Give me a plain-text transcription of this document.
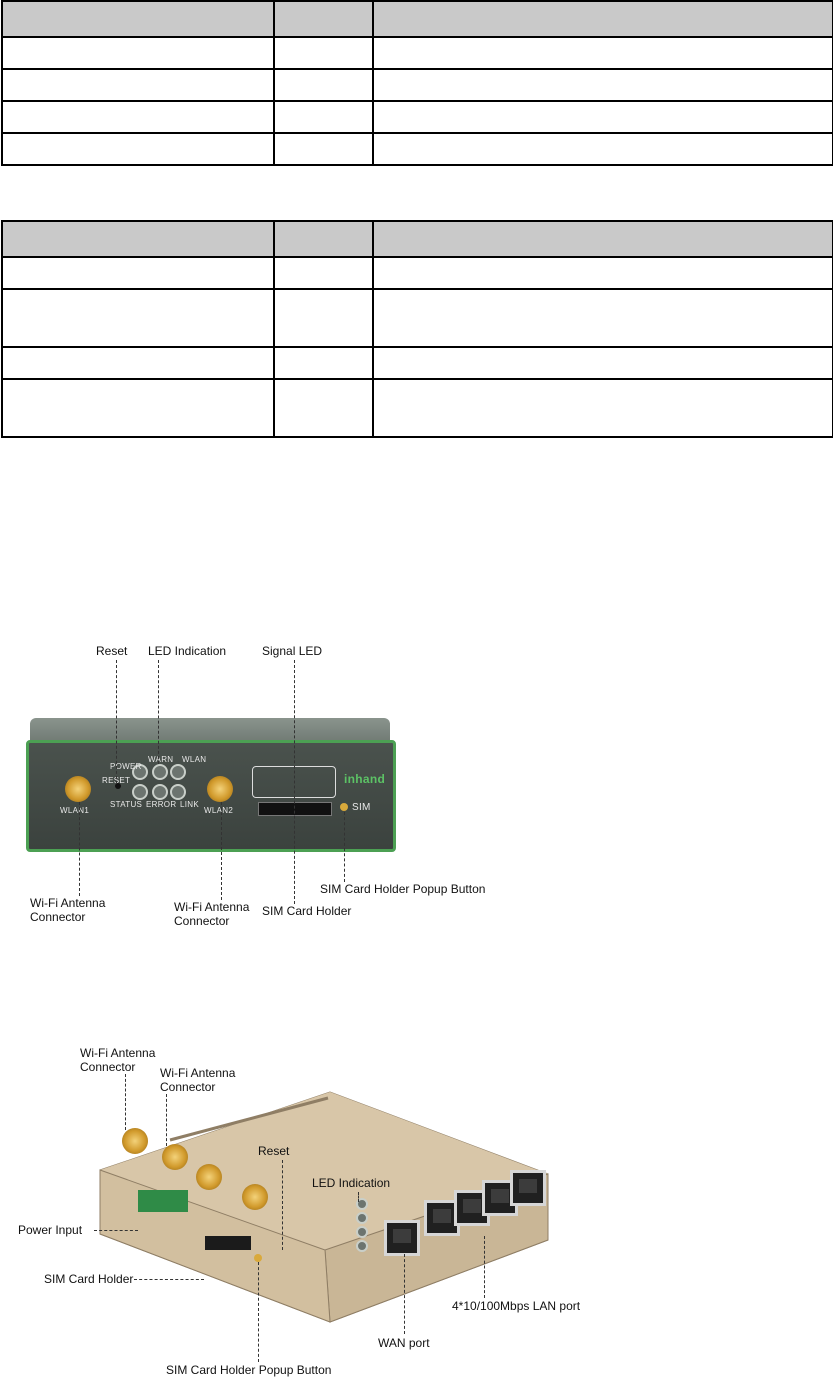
POWER
WARN WLAN
RESET
STATUS ERROR LINK
WLAN1	WLAN2	SIM
inhand
Reset LED Indication	Signal LED
Wi-Fi Antenna
Connector
Wi-Fi Antenna
Connector
SIM Card Holder
SIM Card Holder Popup Button
Wi-Fi Antenna
Connector	Wi-Fi Antenna
Connector
Reset
LED Indication
Power Input
SIM Card Holder
4*10/100Mbps LAN port
WAN port
SIM Card Holder Popup Button
